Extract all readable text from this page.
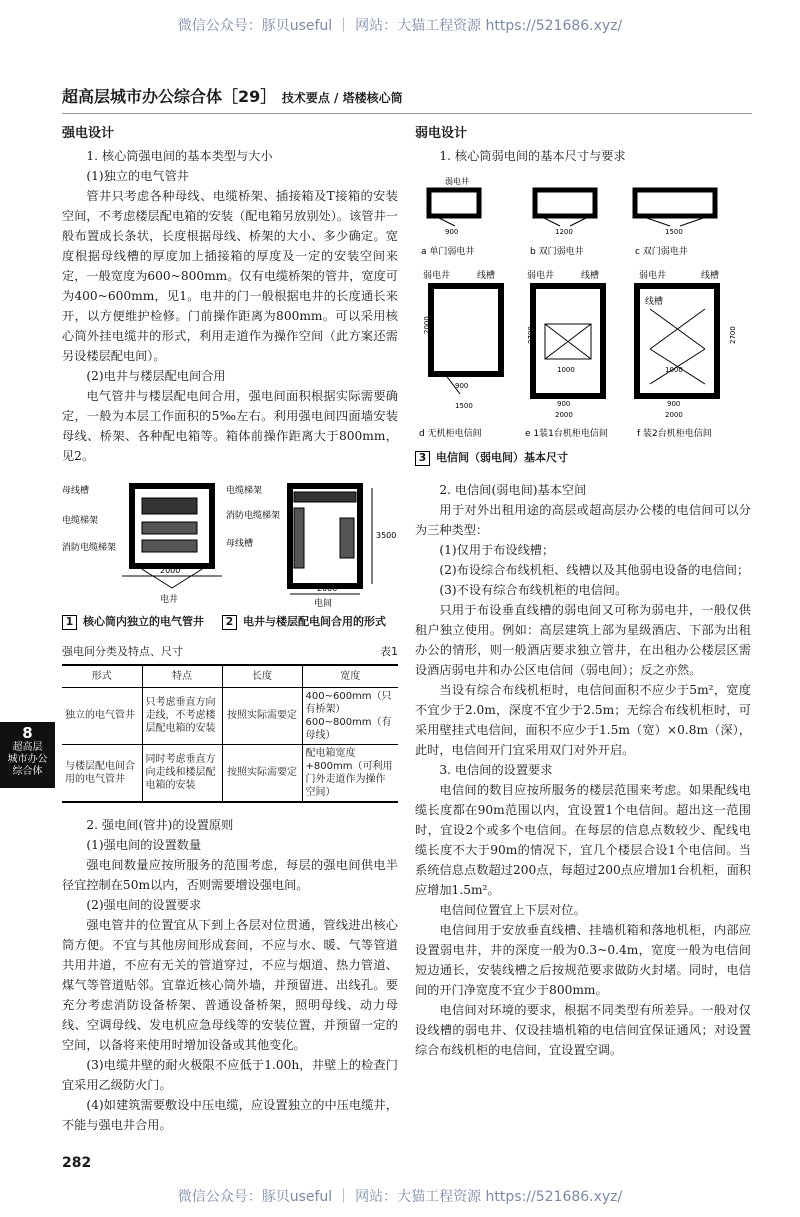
微信公众号：豚贝useful ｜ 网站：大猫工程资源 https://521686.xyz/
超高层城市办公综合体［29］ 技术要点 / 塔楼核心筒
强电设计

1. 核心筒强电间的基本类型与大小

(1)独立的电气管井

管井只考虑各种母线、电缆桥架、插接箱及T接箱的安装空间，不考虑楼层配电箱的安装（配电箱另放别处）。该管井一般布置成长条状，长度根据母线、桥架的大小、多少确定。宽度根据母线槽的厚度加上插接箱的厚度及一定的安装空间来定，一般宽度为600~800mm。仅有电缆桥架的管井，宽度可为400~600mm，见1。电井的门一般根据电井的长度通长来开，以方便维护检修。门前操作距离为800mm。可以采用核心筒外挂电缆井的形式，利用走道作为操作空间（此方案还需另设楼层配电间）。

(2)电井与楼层配电间合用

电气管井与楼层配电间合用，强电间面积根据实际需要确定，一般为本层工作面积的5‰左右。利用强电间四面墙安装母线、桥架、各种配电箱等。箱体前操作距离大于800mm，见2。

母线槽
电缆梯架
消防电缆梯架
2000
电井
电缆梯架
消防电缆梯架
母线槽
3500
2000
电间
1 核心筒内独立的电气管井	2 电井与楼层配电间合用的形式
强电间分类及特点、尺寸	表1
形式	特点	长度	宽度
独立的电气管井	只考虑垂直方向走线，不考虑楼层配电箱的安装	按照实际需要定	400~600mm（只有桥架）600~800mm（有母线）
与楼层配电间合用的电气管井	同时考虑垂直方向走线和楼层配电箱的安装	按照实际需要定	配电箱宽度+800mm（可利用门外走道作为操作空间）

2. 强电间(管井)的设置原则

(1)强电间的设置数量

强电间数量应按所服务的范围考虑，每层的强电间供电半径宜控制在50m以内，否则需要增设强电间。

(2)强电间的设置要求

强电管井的位置宜从下到上各层对位贯通，管线进出核心筒方便。不宜与其他房间形成套间，不应与水、暖、气等管道共用井道，不应有无关的管道穿过，不应与烟道、热力管道、煤气等管道贴邻。宜靠近核心筒外墙，并预留进、出线孔。要充分考虑消防设备桥架、普通设备桥架，照明母线、动力母线、空调母线、发电机应急母线等的安装位置，并预留一定的空间，以备将来使用时增加设备或其他变化。

(3)电缆井壁的耐火极限不应低于1.00h，井壁上的检查门宜采用乙级防火门。

(4)如建筑需要敷设中压电缆，应设置独立的中压电缆井，不能与强电井合用。

弱电设计

1. 核心筒弱电间的基本尺寸与要求

弱电井
900	1200	1500
a 单门弱电井	b 双门弱电井	c 双门弱电井
弱电井	线槽
2000
900
1500
弱电井	线槽
2700
1000
900
2000
弱电井	线槽
线槽
2700
1000
900
2000
d 无机柜电信间	e 1装1台机柜电信间	f 装2台机柜电信间
3 电信间（弱电间）基本尺寸

2. 电信间(弱电间)基本空间

用于对外出租用途的高层或超高层办公楼的电信间可以分为三种类型：

(1)仅用于布设线槽；

(2)布设综合布线机柜、线槽以及其他弱电设备的电信间；

(3)不设有综合布线机柜的电信间。

只用于布设垂直线槽的弱电间又可称为弱电井，一般仅供租户独立使用。例如：高层建筑上部为星级酒店、下部为出租办公的情形，则一般酒店要求独立管井，在出租办公楼层区需设酒店弱电井和办公区电信间（弱电间）；反之亦然。

当设有综合布线机柜时，电信间面积不应少于5m²，宽度不宜少于2.0m，深度不宜少于2.5m；无综合布线机柜时，可采用壁挂式电信间，面积不应少于1.5m（宽）×0.8m（深），此时，电信间开门宜采用双门对外开启。

3. 电信间的设置要求

电信间的数目应按所服务的楼层范围来考虑。如果配线电缆长度都在90m范围以内，宜设置1个电信间。超出这一范围时，宜设2个或多个电信间。在每层的信息点数较少、配线电缆长度不大于90m的情况下，宜几个楼层合设1个电信间。当系统信息点数超过200点，每超过200点应增加1台机柜，面积应增加1.5m²。

电信间位置宜上下层对位。

电信间用于安放垂直线槽、挂墙机箱和落地机柜，内部应设置弱电井，井的深度一般为0.3~0.4m，宽度一般为电信间短边通长，安装线槽之后按规范要求做防火封堵。同时，电信间的开门净宽度不宜少于800mm。

电信间对环境的要求，根据不同类型有所差异。一般对仅设线槽的弱电井、仅设挂墙机箱的电信间宜保证通风；对设置综合布线机柜的电信间，宜设置空调。

8
超高层
城市办公
综合体
282
微信公众号：豚贝useful ｜ 网站：大猫工程资源 https://521686.xyz/
